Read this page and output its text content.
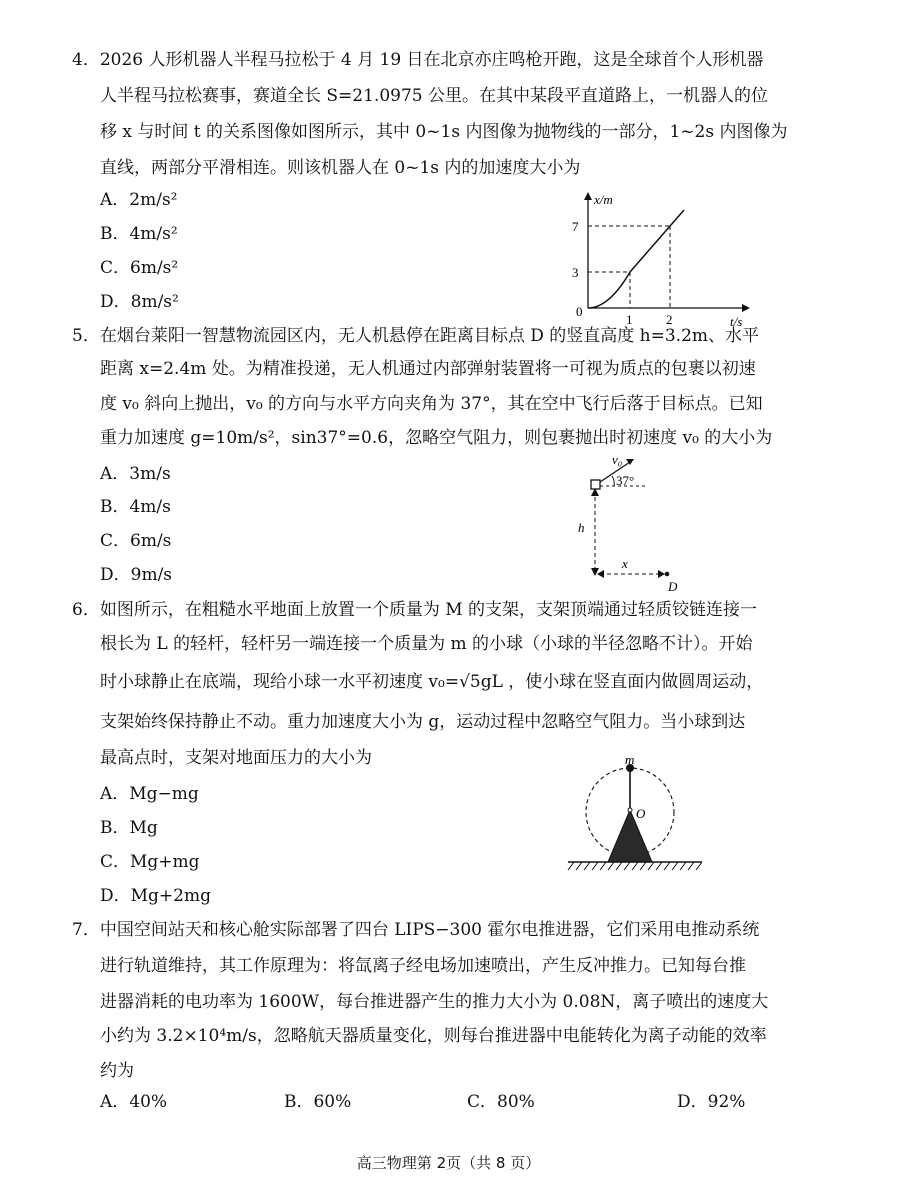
4．2026 人形机器人半程马拉松于 4 月 19 日在北京亦庄鸣枪开跑，这是全球首个人形机器
人半程马拉松赛事，赛道全长 S=21.0975 公里。在其中某段平直道路上，一机器人的位
移 x 与时间 t 的关系图像如图所示，其中 0~1s 内图像为抛物线的一部分，1~2s 内图像为
直线，两部分平滑相连。则该机器人在 0~1s 内的加速度大小为
A．2m/s²
B．4m/s²
C．6m/s²
D．8m/s²
x/m
t/s
0
7
3
1	2
5．在烟台莱阳一智慧物流园区内，无人机悬停在距离目标点 D 的竖直高度 h=3.2m、水平
距离 x=2.4m 处。为精准投递，无人机通过内部弹射装置将一可视为质点的包裹以初速
度 v₀ 斜向上抛出，v₀ 的方向与水平方向夹角为 37°，其在空中飞行后落于目标点。已知
重力加速度 g=10m/s²，sin37°=0.6，忽略空气阻力，则包裹抛出时初速度 v₀ 的大小为
A．3m/s
B．4m/s
C．6m/s
D．9m/s
v₀
37°
h
x
D
6．如图所示，在粗糙水平地面上放置一个质量为 M 的支架，支架顶端通过轻质铰链连接一
根长为 L 的轻杆，轻杆另一端连接一个质量为 m 的小球（小球的半径忽略不计）。开始
时小球静止在底端，现给小球一水平初速度 v₀=√5gL ，使小球在竖直面内做圆周运动，
支架始终保持静止不动。重力加速度大小为 g，运动过程中忽略空气阻力。当小球到达
最高点时，支架对地面压力的大小为
A．Mg−mg
B．Mg
C．Mg+mg
D．Mg+2mg
m
O
7．中国空间站天和核心舱实际部署了四台 LIPS−300 霍尔电推进器，它们采用电推动系统
进行轨道维持，其工作原理为：将氙离子经电场加速喷出，产生反冲推力。已知每台推
进器消耗的电功率为 1600W，每台推进器产生的推力大小为 0.08N，离子喷出的速度大
小约为 3.2×10⁴m/s，忽略航天器质量变化，则每台推进器中电能转化为离子动能的效率
约为
A．40%	B．60%	C．80%	D．92%
高三物理第 2页（共 8 页）
